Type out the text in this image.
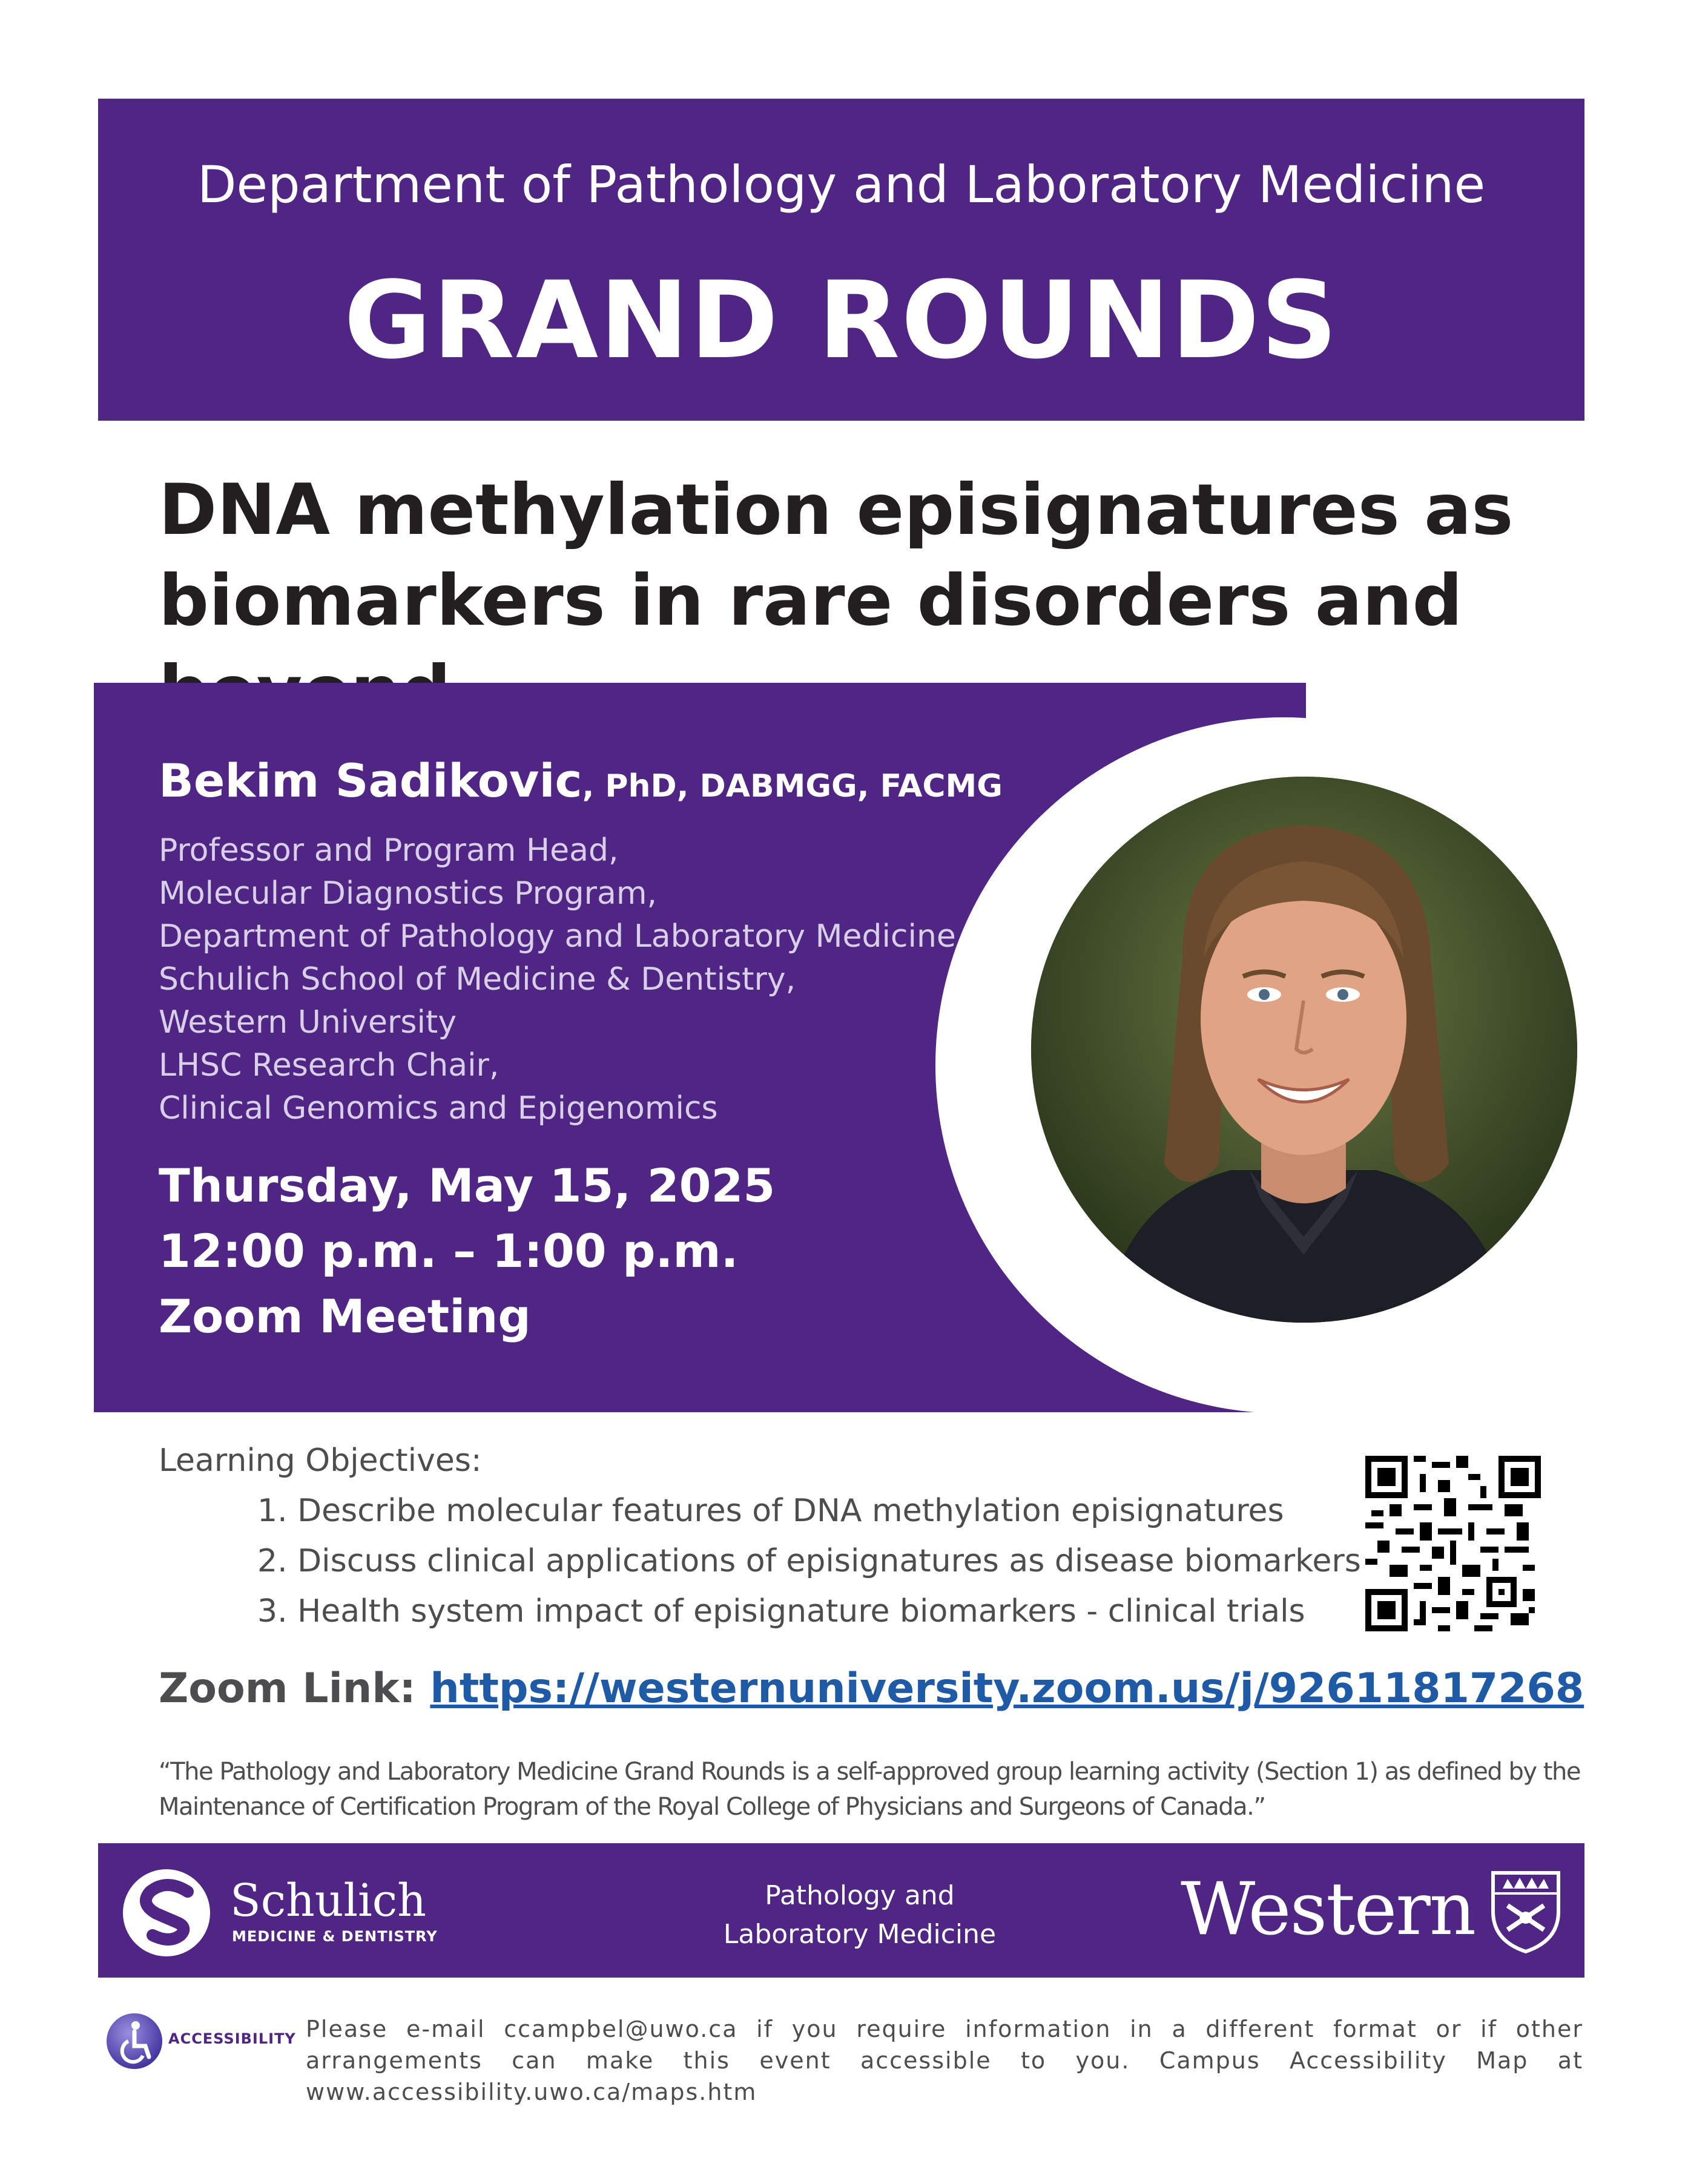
Department of Pathology and Laboratory Medicine
GRAND ROUNDS
DNA methylation episignatures as
biomarkers in rare disorders and
Bekim Sadikovic, PhD, DABMGG, FACMG
Professor and Program Head,
Molecular Diagnostics Program,
Department of Pathology and Laboratory Medicine
Schulich School of Medicine & Dentistry,
Western University
LHSC Research Chair,
Clinical Genomics and Epigenomics
Thursday, May 15, 2025
12:00 p.m. – 1:00 p.m.
Zoom Meeting
Learning Objectives:
1. Describe molecular features of DNA methylation episignatures
2. Discuss clinical applications of episignatures as disease biomarkers
3. Health system impact of episignature biomarkers - clinical trials
Zoom Link: https://westernuniversity.zoom.us/j/92611817268
“The Pathology and Laboratory Medicine Grand Rounds is a self-approved group learning activity (Section 1) as defined by the Maintenance of Certification Program of the Royal College of Physicians and Surgeons of Canada.”
Schulich
MEDICINE & DENTISTRY
Pathology and
Laboratory Medicine	Western
ACCESSIBILITY Please e-mail ccampbel@uwo.ca if you require information in a different format or if other arrangements can make this event accessible to you. Campus Accessibility Map at www.accessibility.uwo.ca/maps.htm
